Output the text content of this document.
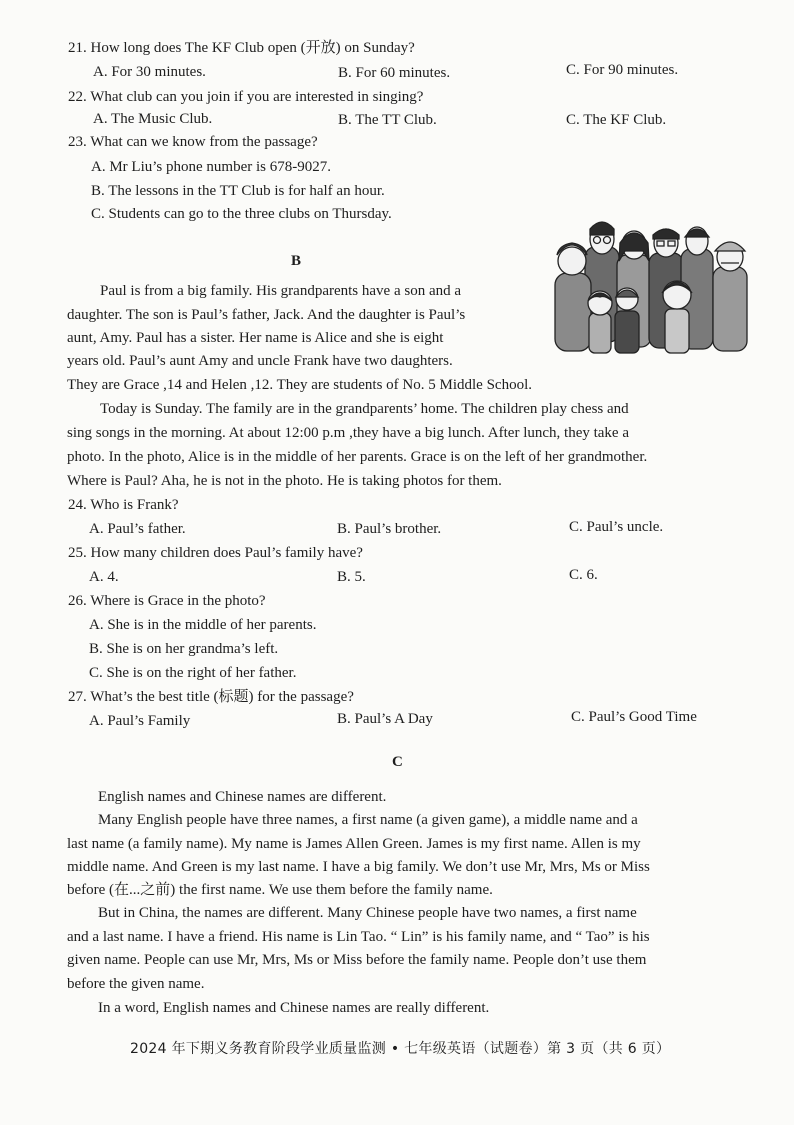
21. How long does The KF Club open (开放) on Sunday?
A. For 30 minutes.	B. For 60 minutes.	C. For 90 minutes.
22. What club can you join if you are interested in singing?
A. The Music Club.	B. The TT Club.	C. The KF Club.
23. What can we know from the passage?
A. Mr Liu’s phone number is 678-9027.
B. The lessons in the TT Club is for half an hour.
C. Students can go to the three clubs on Thursday.
B
Paul is from a big family. His grandparents have a son and a
daughter. The son is Paul’s father, Jack. And the daughter is Paul’s
aunt, Amy. Paul has a sister. Her name is Alice and she is eight
years old. Paul’s aunt Amy and uncle Frank have two daughters.
They are Grace ,14 and Helen ,12. They are students of No. 5 Middle School.
Today is Sunday. The family are in the grandparents’ home. The children play chess and
sing songs in the morning. At about 12:00 p.m ,they have a big lunch. After lunch, they take a
photo. In the photo, Alice is in the middle of her parents. Grace is on the left of her grandmother.
Where is Paul? Aha, he is not in the photo. He is taking photos for them.
24. Who is Frank?
A. Paul’s father.	B. Paul’s brother.	C. Paul’s uncle.
25. How many children does Paul’s family have?
A. 4.	B. 5.	C. 6.
26. Where is Grace in the photo?
A. She is in the middle of her parents.
B. She is on her grandma’s left.
C. She is on the right of her father.
27. What’s the best title (标题) for the passage?
A. Paul’s Family	B. Paul’s A Day	C. Paul’s Good Time
C
English names and Chinese names are different.
Many English people have three names, a first name (a given game), a middle name and a
last name (a family name). My name is James Allen Green. James is my first name. Allen is my
middle name. And Green is my last name. I have a big family. We don’t use Mr, Mrs, Ms or Miss
before (在...之前) the first name. We use them before the family name.
But in China, the names are different. Many Chinese people have two names, a first name
and a last name. I have a friend. His name is Lin Tao. “ Lin” is his family name, and “ Tao” is his
given name. People can use Mr, Mrs, Ms or Miss before the family name. People don’t use them
before the given name.
In a word, English names and Chinese names are really different.
2024 年下期义务教育阶段学业质量监测 • 七年级英语（试题卷）第 3 页（共 6 页）
